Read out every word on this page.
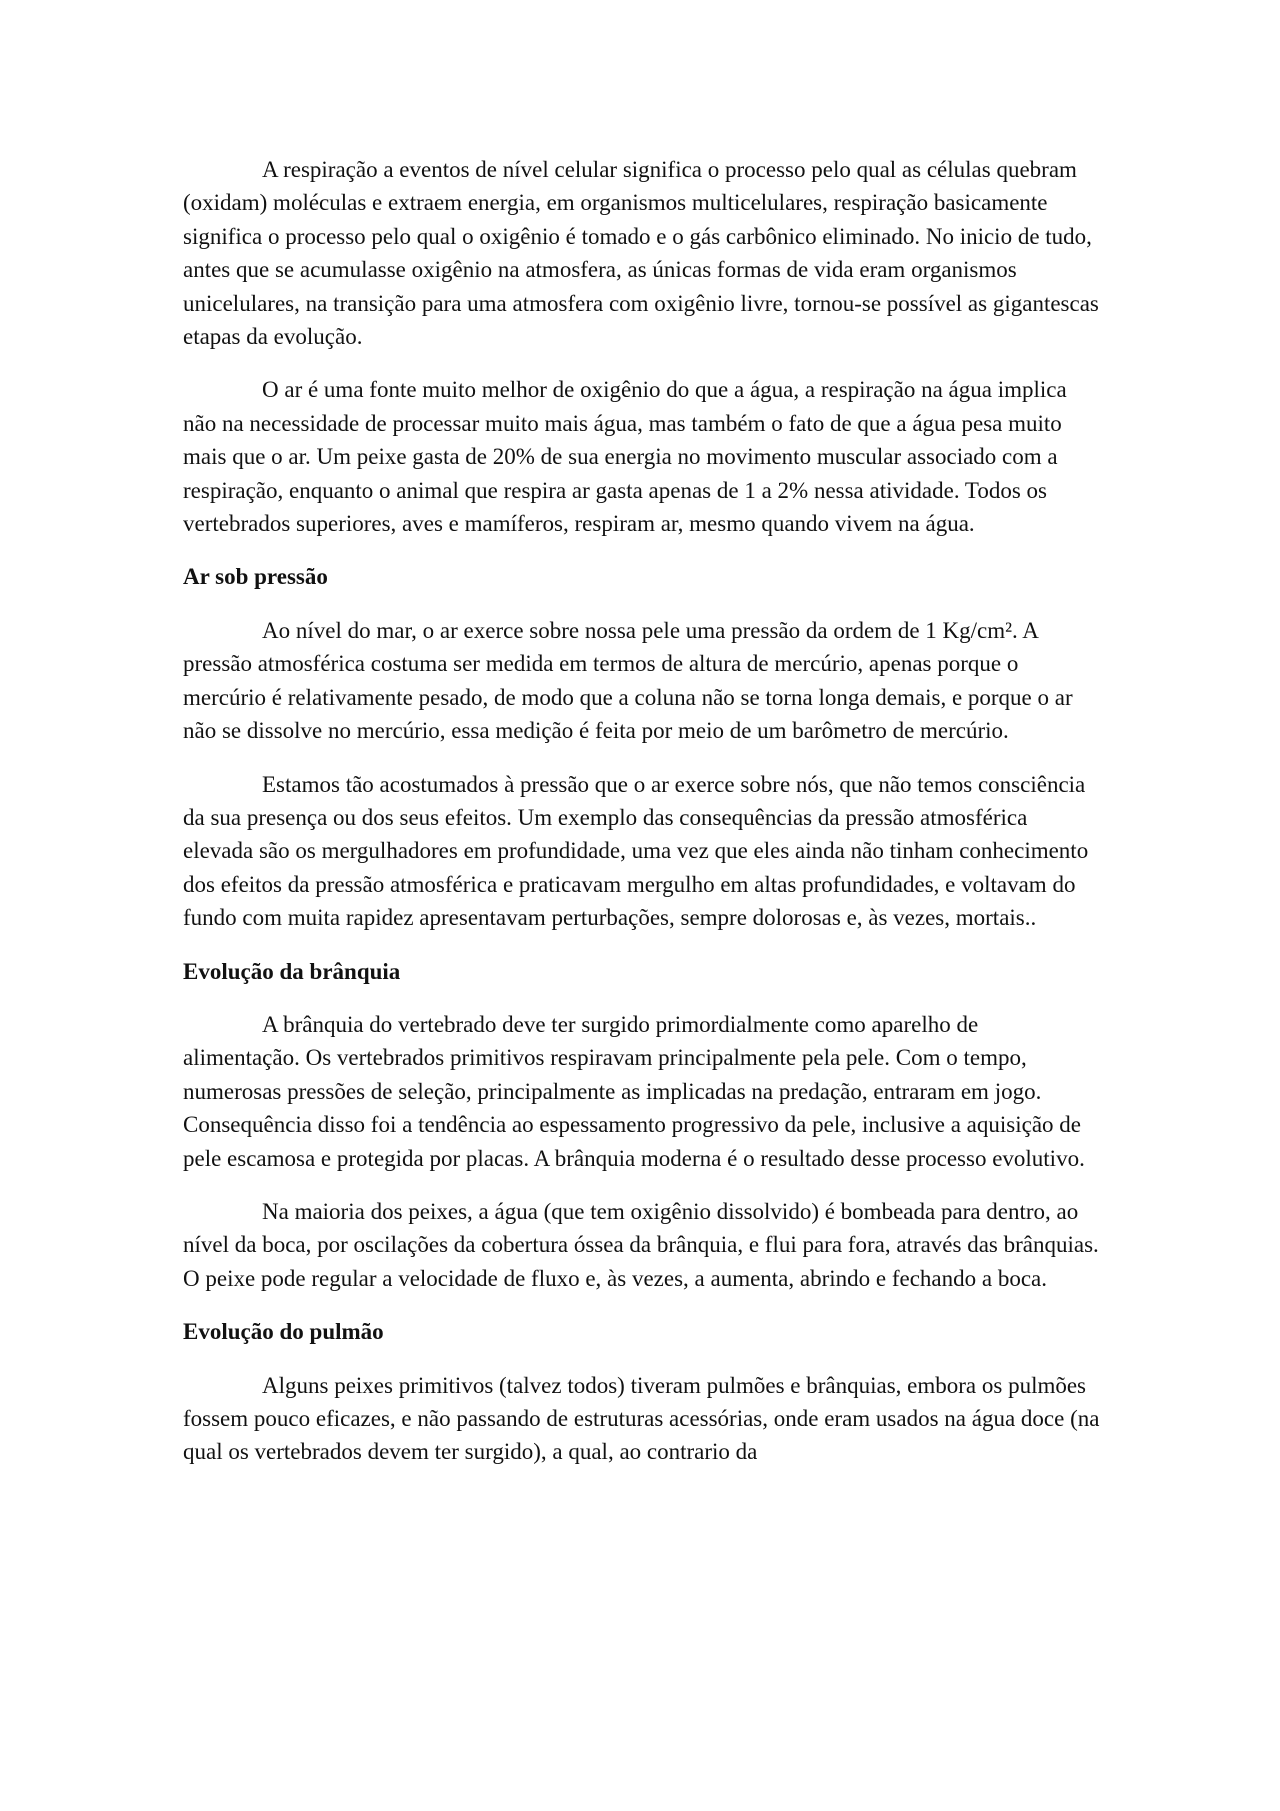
A respiração a eventos de nível celular significa o processo pelo qual as células quebram (oxidam) moléculas e extraem energia, em organismos multicelulares, respiração basicamente significa o processo pelo qual o oxigênio é tomado e o gás carbônico eliminado. No inicio de tudo, antes que se acumulasse oxigênio na atmosfera, as únicas formas de vida eram organismos unicelulares, na transição para uma atmosfera com oxigênio livre, tornou-se possível as gigantescas etapas da evolução.

O ar é uma fonte muito melhor de oxigênio do que a água, a respiração na água implica não na necessidade de processar muito mais água, mas também o fato de que a água pesa muito mais que o ar. Um peixe gasta de 20% de sua energia no movimento muscular associado com a respiração, enquanto o animal que respira ar gasta apenas de 1 a 2% nessa atividade. Todos os vertebrados superiores, aves e mamíferos, respiram ar, mesmo quando vivem na água.

Ar sob pressão

Ao nível do mar, o ar exerce sobre nossa pele uma pressão da ordem de 1 Kg/cm². A pressão atmosférica costuma ser medida em termos de altura de mercúrio, apenas porque o mercúrio é relativamente pesado, de modo que a coluna não se torna longa demais, e porque o ar não se dissolve no mercúrio, essa medição é feita por meio de um barômetro de mercúrio.

Estamos tão acostumados à pressão que o ar exerce sobre nós, que não temos consciência da sua presença ou dos seus efeitos. Um exemplo das consequências da pressão atmosférica elevada são os mergulhadores em profundidade, uma vez que eles ainda não tinham conhecimento dos efeitos da pressão atmosférica e praticavam mergulho em altas profundidades, e voltavam do fundo com muita rapidez apresentavam perturbações, sempre dolorosas e, às vezes, mortais..

Evolução da brânquia

A brânquia do vertebrado deve ter surgido primordialmente como aparelho de alimentação. Os vertebrados primitivos respiravam principalmente pela pele. Com o tempo, numerosas pressões de seleção, principalmente as implicadas na predação, entraram em jogo. Consequência disso foi a tendência ao espessamento progressivo da pele, inclusive a aquisição de pele escamosa e protegida por placas. A brânquia moderna é o resultado desse processo evolutivo.

Na maioria dos peixes, a água (que tem oxigênio dissolvido) é bombeada para dentro, ao nível da boca, por oscilações da cobertura óssea da brânquia, e flui para fora, através das brânquias. O peixe pode regular a velocidade de fluxo e, às vezes, a aumenta, abrindo e fechando a boca.

Evolução do pulmão

Alguns peixes primitivos (talvez todos) tiveram pulmões e brânquias, embora os pulmões fossem pouco eficazes, e não passando de estruturas acessórias, onde eram usados na água doce (na qual os vertebrados devem ter surgido), a qual, ao contrario da
